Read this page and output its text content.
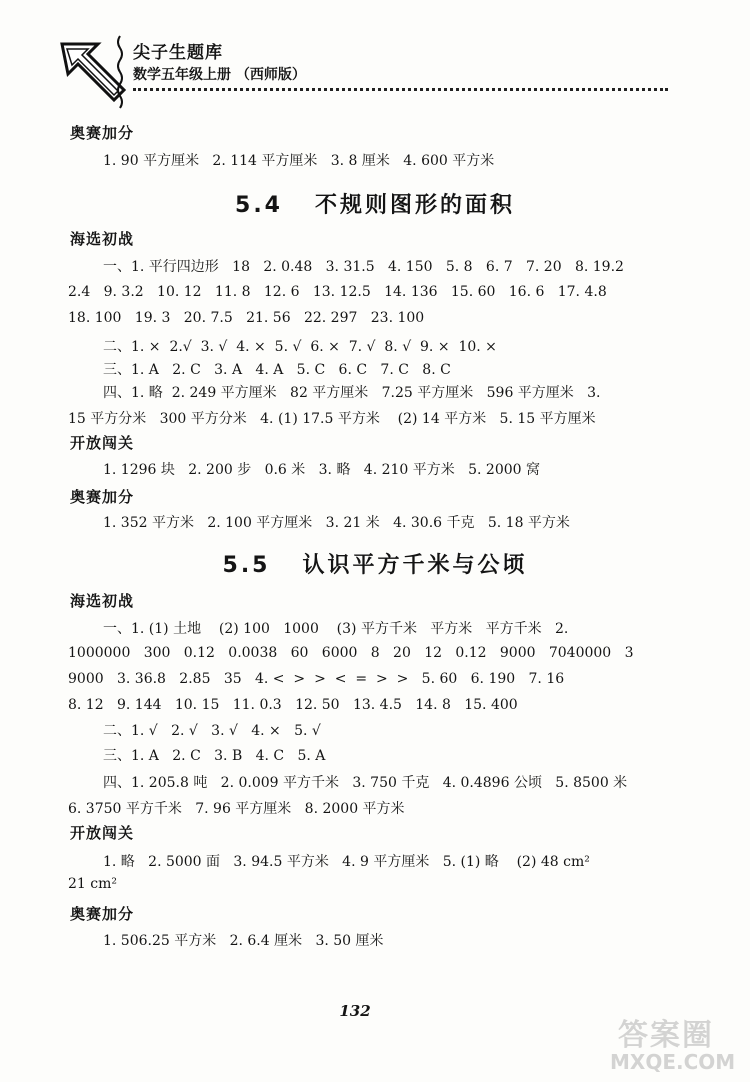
尖子生题库
数学五年级上册 （西师版）
奥赛加分
1. 90 平方厘米   2. 114 平方厘米   3. 8 厘米   4. 600 平方米
5.4   不规则图形的面积
海选初战
一、1. 平行四边形   18   2. 0.48   3. 31.5   4. 150   5. 8   6. 7   7. 20   8. 19.2
2.4   9. 3.2   10. 12   11. 8   12. 6   13. 12.5   14. 136   15. 60   16. 6   17. 4.8
18. 100   19. 3   20. 7.5   21. 56   22. 297   23. 100
二、1. ×  2.√  3. √  4. ×  5. √  6. ×  7. √  8. √  9. ×  10. ×
三、1. A   2. C   3. A   4. A   5. C   6. C   7. C   8. C
四、1. 略  2. 249 平方厘米   82 平方厘米   7.25 平方厘米   596 平方厘米   3.
15 平方分米   300 平方分米   4. (1) 17.5 平方米    (2) 14 平方米   5. 15 平方厘米
开放闯关
1. 1296 块   2. 200 步   0.6 米   3. 略   4. 210 平方米   5. 2000 窝
奥赛加分
1. 352 平方米   2. 100 平方厘米   3. 21 米   4. 30.6 千克   5. 18 平方米
5.5   认识平方千米与公顷
海选初战
一、1. (1) 土地    (2) 100   1000    (3) 平方千米   平方米   平方千米   2.
1000000   300   0.12   0.0038   60   6000   8   20   12   0.12   9000   7040000   3
9000   3. 36.8   2.85   35   4. <  >  >  <  =  >  >   5. 60   6. 190   7. 16
8. 12   9. 144   10. 15   11. 0.3   12. 50   13. 4.5   14. 8   15. 400
二、1. √   2. √   3. √   4. ×   5. √
三、1. A   2. C   3. B   4. C   5. A
四、1. 205.8 吨   2. 0.009 平方千米   3. 750 千克   4. 0.4896 公顷   5. 8500 米
6. 3750 平方千米   7. 96 平方厘米   8. 2000 平方米
开放闯关
1. 略   2. 5000 面   3. 94.5 平方米   4. 9 平方厘米   5. (1) 略    (2) 48 cm²
21 cm²
奥赛加分
1. 506.25 平方米   2. 6.4 厘米   3. 50 厘米
132
答案圈
MXQE.COM
